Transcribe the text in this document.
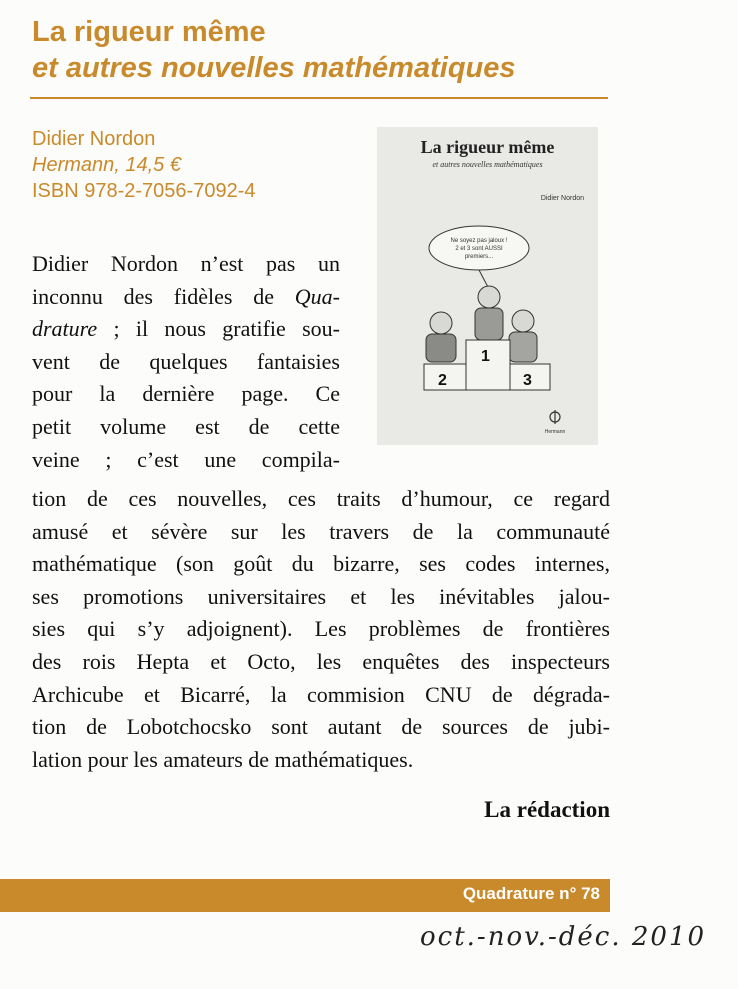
La rigueur même
et autres nouvelles mathématiques
Didier Nordon
Hermann, 14,5 €
ISBN 978-2-7056-7092-4
Ne soyez pas jaloux !
2 et 3 sont AUSSI
premiers...
2
1
3
Hermann
La rigueur même
et autres nouvelles mathématiques
Didier Nordon

Didier Nordon n’est pas un
inconnu des fidèles de Qua-
drature ; il nous gratifie sou-
vent de quelques fantaisies
pour la dernière page. Ce
petit volume est de cette
veine ; c’est une compila-

tion de ces nouvelles, ces traits d’humour, ce regard
amusé et sévère sur les travers de la communauté
mathématique (son goût du bizarre, ses codes internes,
ses promotions universitaires et les inévitables jalou-
sies qui s’y adjoignent). Les problèmes de frontières
des rois Hepta et Octo, les enquêtes des inspecteurs
Archicube et Bicarré, la commision CNU de dégrada-
tion de Lobotchocsko sont autant de sources de jubi-
lation pour les amateurs de mathématiques.

La rédaction
Quadrature n° 78
oct.-nov.-déc. 2010
